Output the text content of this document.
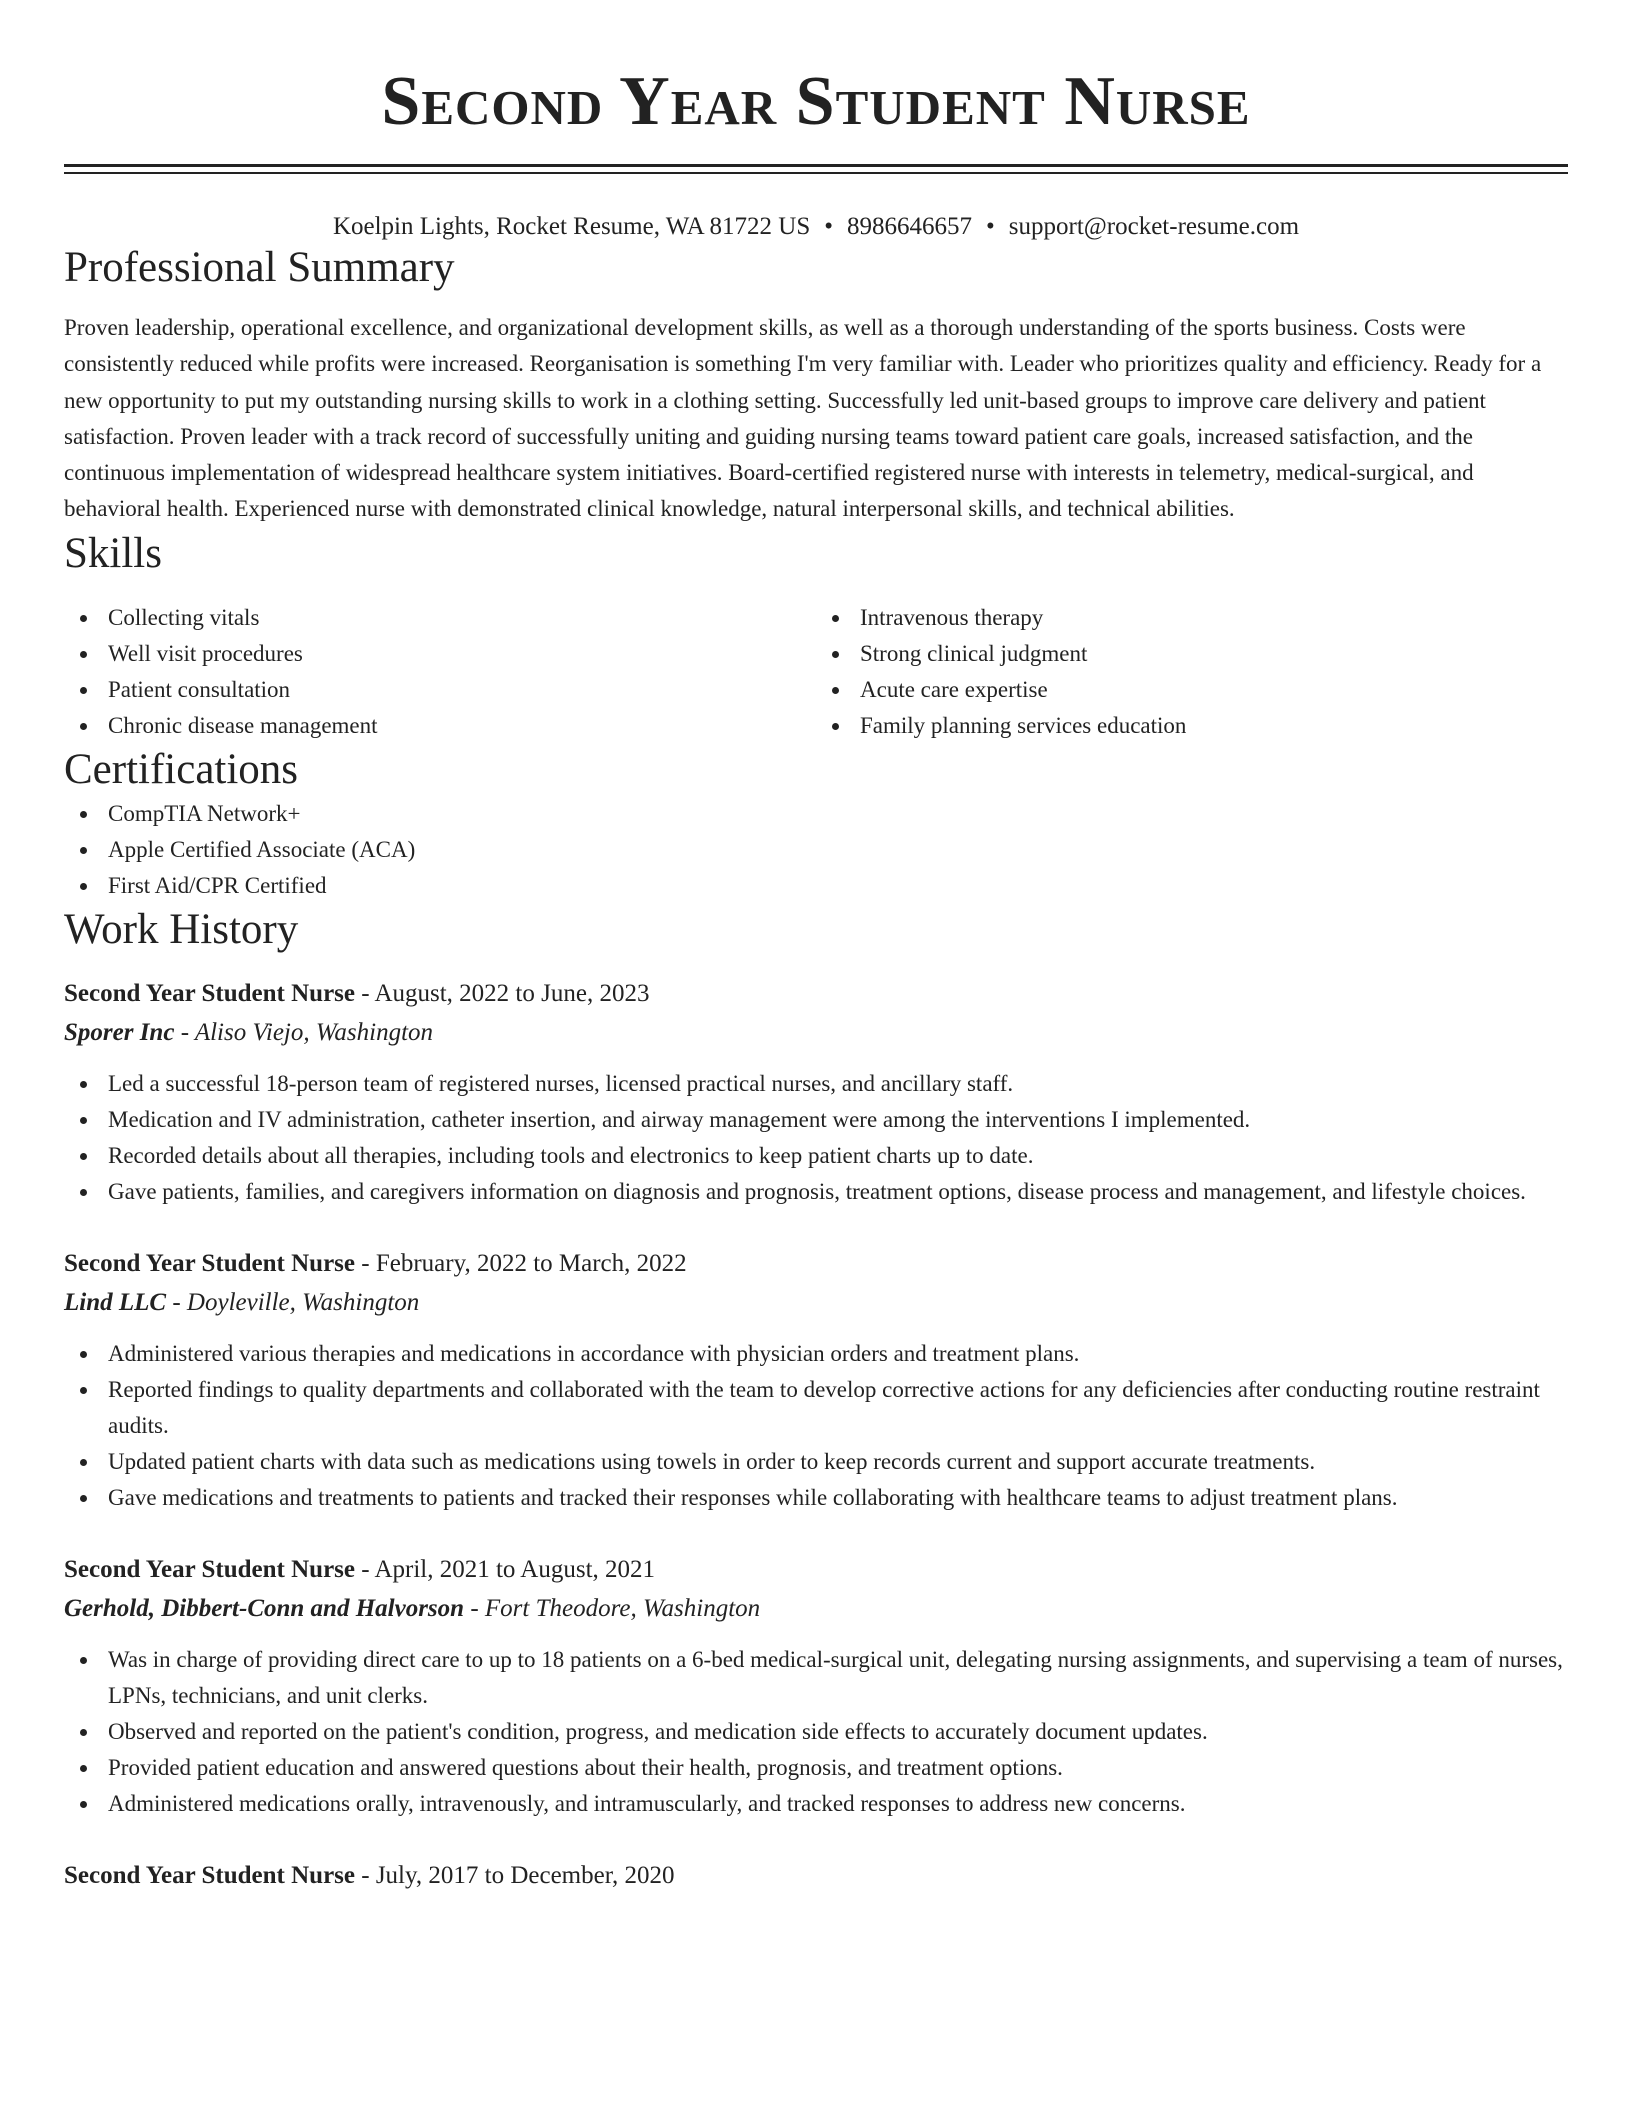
Second Year Student Nurse
Koelpin Lights, Rocket Resume, WA 81722 US • 8986646657 • support@rocket-resume.com
Professional Summary

Proven leadership, operational excellence, and organizational development skills, as well as a thorough understanding of the sports business. Costs were consistently reduced while profits were increased. Reorganisation is something I'm very familiar with. Leader who prioritizes quality and efficiency. Ready for a new opportunity to put my outstanding nursing skills to work in a clothing setting. Successfully led unit-based groups to improve care delivery and patient satisfaction. Proven leader with a track record of successfully uniting and guiding nursing teams toward patient care goals, increased satisfaction, and the continuous implementation of widespread healthcare system initiatives. Board-certified registered nurse with interests in telemetry, medical-surgical, and behavioral health. Experienced nurse with demonstrated clinical knowledge, natural interpersonal skills, and technical abilities.

Skills
Collecting vitals
Well visit procedures
Patient consultation
Chronic disease management
Intravenous therapy
Strong clinical judgment
Acute care expertise
Family planning services education
Certifications
CompTIA Network+
Apple Certified Associate (ACA)
First Aid/CPR Certified
Work History
Second Year Student Nurse - August, 2022 to June, 2023
Sporer Inc - Aliso Viejo, Washington
Led a successful 18-person team of registered nurses, licensed practical nurses, and ancillary staff.
Medication and IV administration, catheter insertion, and airway management were among the interventions I implemented.
Recorded details about all therapies, including tools and electronics to keep patient charts up to date.
Gave patients, families, and caregivers information on diagnosis and prognosis, treatment options, disease process and management, and lifestyle choices.
Second Year Student Nurse - February, 2022 to March, 2022
Lind LLC - Doyleville, Washington
Administered various therapies and medications in accordance with physician orders and treatment plans.
Reported findings to quality departments and collaborated with the team to develop corrective actions for any deficiencies after conducting routine restraint audits.
Updated patient charts with data such as medications using towels in order to keep records current and support accurate treatments.
Gave medications and treatments to patients and tracked their responses while collaborating with healthcare teams to adjust treatment plans.
Second Year Student Nurse - April, 2021 to August, 2021
Gerhold, Dibbert-Conn and Halvorson - Fort Theodore, Washington
Was in charge of providing direct care to up to 18 patients on a 6-bed medical-surgical unit, delegating nursing assignments, and supervising a team of nurses, LPNs, technicians, and unit clerks.
Observed and reported on the patient's condition, progress, and medication side effects to accurately document updates.
Provided patient education and answered questions about their health, prognosis, and treatment options.
Administered medications orally, intravenously, and intramuscularly, and tracked responses to address new concerns.
Second Year Student Nurse - July, 2017 to December, 2020
